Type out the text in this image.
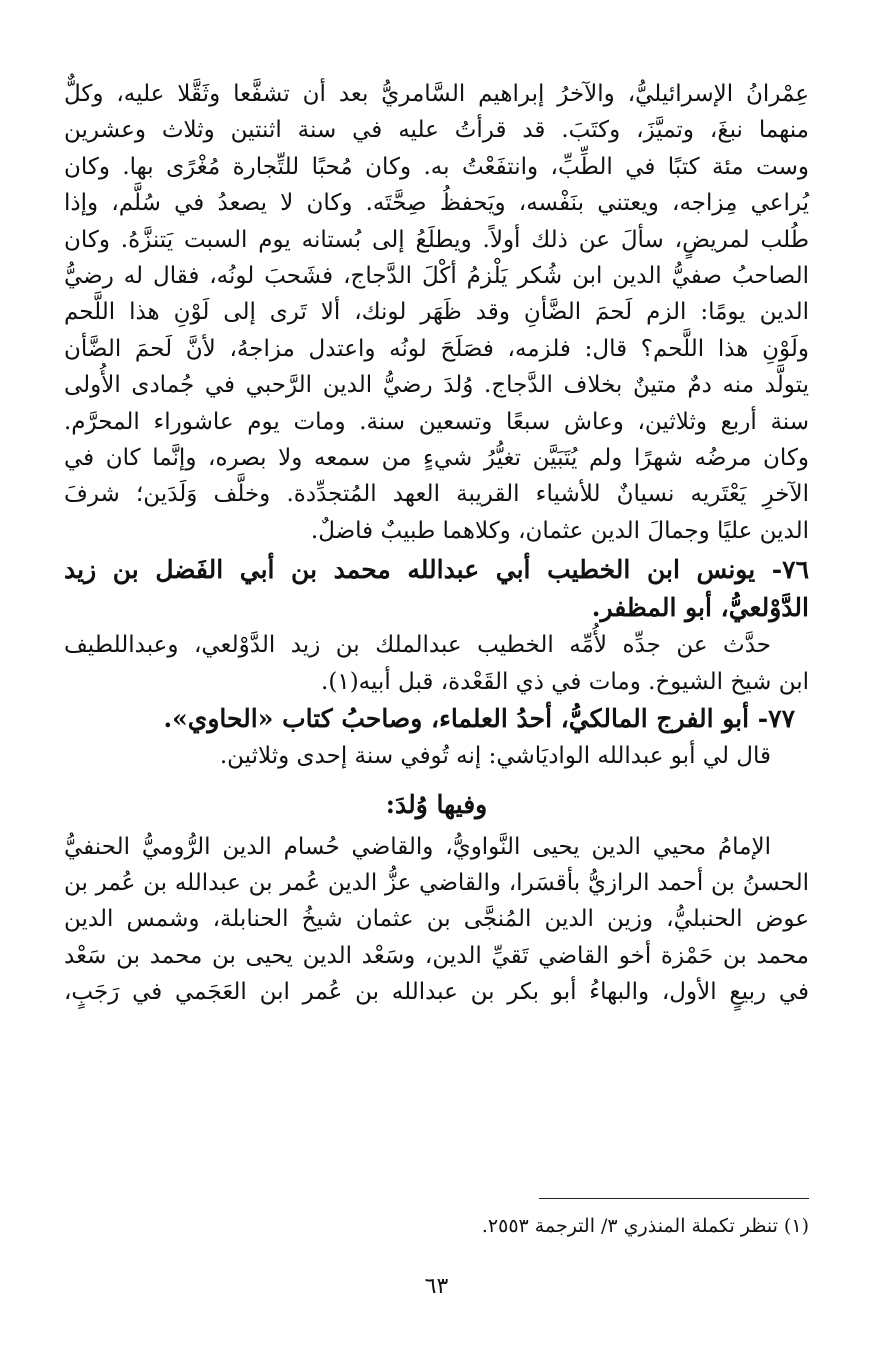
عِمْرانُ الإسرائيليُّ، والآخرُ إبراهيم السَّامريُّ بعد أن تشفَّعا وثَقَّلا عليه، وكلٌّ
منهما نبغَ، وتميَّزَ، وكتَبَ. قد قرأتُ عليه في سنة اثنتين وثلاث وعشرين
وست مئة كتبًا في الطِّبِّ، وانتفَعْتُ به. وكان مُحبًا للتِّجارة مُغْرًى بها. وكان
يُراعي مِزاجه، ويعتني بنَفْسه، ويَحفظُ صِحَّتَه. وكان لا يصعدُ في سُلَّم، وإذا
طُلب لمريضٍ، سألَ عن ذلك أولاً. ويطلَعُ إلى بُستانه يوم السبت يَتنزَّهُ. وكان
الصاحبُ صفيُّ الدين ابن شُكر يَلْزمُ أكْلَ الدَّجاج، فشَحبَ لونُه، فقال له رضيُّ
الدين يومًا: الزم لَحمَ الضَّأنِ وقد ظَهَر لونك، ألا تَرى إلى لَوْنِ هذا اللَّحم
ولَوْنِ هذا اللَّحم؟ قال: فلزمه، فصَلَحَ لونُه واعتدل مزاجهُ، لأنَّ لَحمَ الضَّأن
يتولَّد منه دمٌ متينٌ بخلاف الدَّجاج. وُلدَ رضيُّ الدين الرَّحبي في جُمادى الأُولى
سنة أربع وثلاثين، وعاش سبعًا وتسعين سنة. ومات يوم عاشوراء المحرَّم.
وكان مرضُه شهرًا ولم يُتَبَيَّن تغيُّرُ شيءٍ من سمعه ولا بصره، وإنَّما كان في
الآخرِ يَعْتَريه نسيانٌ للأشياء القريبة العهد المُتجدِّدة. وخلَّف وَلَدَين؛ شرفَ
الدين عليًا وجمالَ الدين عثمان، وكلاهما طبيبٌ فاضلٌ.

٧٦- يونس ابن الخطيب أبي عبدالله محمد بن أبي الفَضل بن زيد
الدَّوْلعيُّ، أبو المظفر.

حدَّث عن جدِّه لأُمِّه الخطيب عبدالملك بن زيد الدَّوْلعي، وعبداللطيف
ابن شيخ الشيوخ. ومات في ذي القَعْدة، قبل أبيه(١).

٧٧- أبو الفرج المالكيُّ، أحدُ العلماء، وصاحبُ كتاب «الحاوي».

قال لي أبو عبدالله الواديَاشي: إنه تُوفي سنة إحدى وثلاثين.

وفيها وُلدَ:

الإمامُ محيي الدين يحيى النَّواويُّ، والقاضي حُسام الدين الرُّوميُّ الحنفيُّ
الحسنُ بن أحمد الرازيُّ بأقسَرا، والقاضي عزُّ الدين عُمر بن عبدالله بن عُمر بن
عوض الحنبليُّ، وزين الدين المُنجَّى بن عثمان شيخُ الحنابلة، وشمس الدين
محمد بن حَمْزة أخو القاضي تَقيِّ الدين، وسَعْد الدين يحيى بن محمد بن سَعْد
في ربيعٍ الأول، والبهاءُ أبو بكر بن عبدالله بن عُمر ابن العَجَمي في رَجَبٍ،

(١) تنظر تكملة المنذري ٣/ الترجمة ٢٥٥٣.

٦٣
